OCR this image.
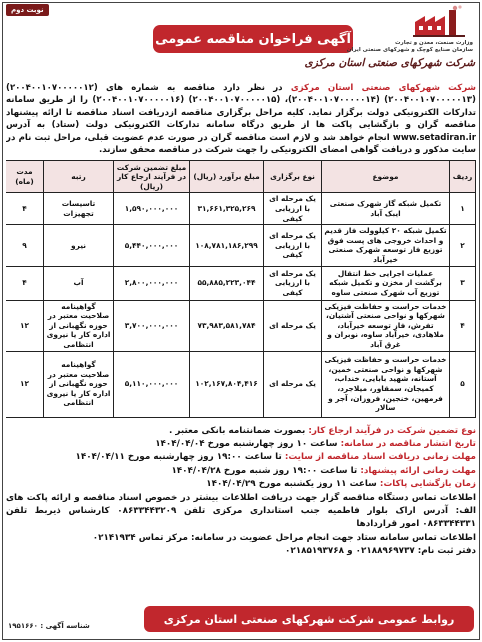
نوبت دوم
آگهی فراخوان مناقصه عمومی	وزارت صنعت، معدن و تجارت
سازمان صنایع کوچک و شهرکهای صنعتی ایران
شرکت شهرکهای صنعتی استان مرکزی
شرکت شهرکهای صنعتی استان مرکزی در نظر دارد مناقصه به شماره های (۲۰۰۴۰۰۱۰۷۰۰۰۰۰۱۲) (۲۰۰۴۰۰۱۰۷۰۰۰۰۰۱۳) (۲۰۰۴۰۰۱۰۷۰۰۰۰۰۱۴)، (۲۰۰۴۰۰۱۰۷۰۰۰۰۰۱۵) (۲۰۰۴۰۰۱۰۷۰۰۰۰۰۱۶) را از طریق سامانه تدارکات الکترونیکی دولت برگزار نماید. کلیه مراحل برگزاری مناقصه ازدریافت اسناد مناقصه تا ارائه پیشنهاد مناقصه گران و بازگشایی پاکت ها از طریق درگاه سامانه تدارکات الکترونیکی دولت (ستاد) به آدرس www.setadiran.ir انجام خواهد شد و لازم است مناقصه گران در صورت عدم عضویت قبلی، مراحل ثبت نام در سایت مذکور و دریافت گواهی امضای الکترونیکی را جهت شرکت در مناقصه محقق سازند.
ردیف	موضوع	نوع برگزاری	مبلغ برآورد (ریال)	مبلغ تضمین شرکت در فرآیند ارجاع کار (ریال)	رتبه	مدت (ماه)
۱	تکمیل شبکه گاز شهرک صنعتی ایبک آباد	یک مرحله ای با ارزیابی کیفی	۳۱,۶۶۱,۳۲۵,۲۶۹	۱,۵۹۰,۰۰۰,۰۰۰	تاسیسات تجهیزات	۴
۲	تکمیل شبکه ۲۰ کیلوولت فاز قدیم و احداث خروجی های پست فوق توزیع فاز توسعه شهرک صنعتی خیرآباد	یک مرحله ای با ارزیابی کیفی	۱۰۸,۷۸۱,۱۸۶,۲۹۹	۵,۴۴۰,۰۰۰,۰۰۰	نیرو	۹
۳	عملیات اجرایی خط انتقال برگشت از مخزن و تکمیل شبکه توزیع آب شهرک صنعتی ساوه	یک مرحله ای با ارزیابی کیفی	۵۵,۸۸۵,۲۲۳,۰۴۴	۲,۸۰۰,۰۰۰,۰۰۰	آب	۴
۴	خدمات حراست و حفاظت فیزیکی شهرکها و نواحی صنعتی آشتیان، تفرش، فاز توسعه خیرآباد، ملاهادی، خیرآباد ساوه، نوبران و غرق آباد	یک مرحله ای	۷۳,۹۸۳,۵۸۱,۷۸۴	۳,۷۰۰,۰۰۰,۰۰۰	گواهینامه صلاحیت معتبر در حوزه نگهبانی از اداره کار یا نیروی انتظامی	۱۲
۵	خدمات حراست و حفاظت فیزیکی شهرکها و نواحی صنعتی خمین، آستانه، شهید بابایی، خنداب، کمیجان، سمقاور، میلاجرد، فرمهین، خنجین، فروزان، آجر و سالار	یک مرحله ای	۱۰۲,۱۶۷,۸۰۴,۴۱۶	۵,۱۱۰,۰۰۰,۰۰۰	گواهینامه صلاحیت معتبر در حوزه نگهبانی از اداره کار یا نیروی انتظامی	۱۲
نوع تضمین شرکت در فرآیند ارجاع کار: بصورت ضمانتنامه بانکی معتبر .
تاریخ انتشار مناقصه در سامانه: ساعت ۱۰ روز چهارشنبه مورخ ۱۴۰۴/۰۴/۰۴
مهلت زمانی دریافت اسناد مناقصه از سایت: تا ساعت ۱۹:۰۰ روز چهارشنبه مورخ ۱۴۰۴/۰۴/۱۱
مهلت زمانی ارائه پیشنهاد: تا ساعت ۱۹:۰۰ روز شنبه مورخ ۱۴۰۴/۰۴/۲۸
زمان بازگشایی پاکات: ساعت ۱۱ روز یکشنبه مورخ ۱۴۰۴/۰۴/۲۹
اطلاعات تماس دستگاه مناقصه گزار جهت دریافت اطلاعات بیشتر در خصوص اسناد مناقصه و ارائه پاکت های الف: آدرس اراک بلوار فاطمیه جنب استانداری مرکزی تلفن ۰۸۶۳۳۴۴۳۲۰۹ کارشناس ذیربط تلفن ۰۸۶۳۳۴۴۳۳۱ امور قراردادها
اطلاعات تماس سامانه ستاد جهت انجام مراحل عضویت در سامانه: مرکز تماس ۰۲۱۴۱۹۳۴
دفتر ثبت نام: ۰۲۱۸۸۹۶۹۷۳۷ و ۰۲۱۸۵۱۹۳۷۶۸
شناسه آگهی : ۱۹۵۱۶۶۰
روابط عمومی شرکت شهرکهای صنعتی استان مرکزی
